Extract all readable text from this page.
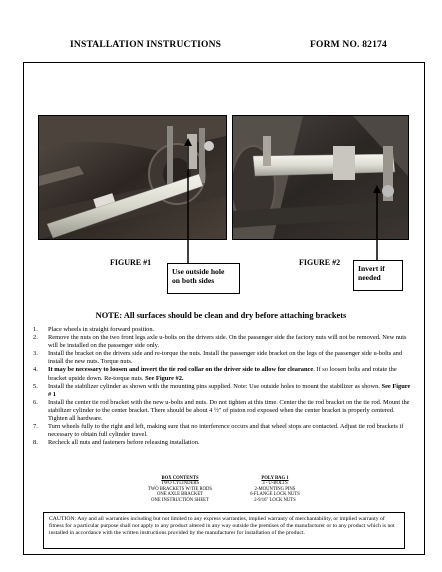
INSTALLATION INSTRUCTIONS	FORM NO. 82174
FIGURE #1
Use outside hole
on both sides
FIGURE #2
Invert if
needed
NOTE: All surfaces should be clean and dry before attaching brackets
1. Place wheels in straight forward position.
2. Remove the nuts on the two front legs axle u-bolts on the drivers side. On the passenger side the factory nuts will not be removed. New nuts will be installed on the passenger side only.
3. Install the bracket on the drivers side and re-torque the nuts. Install the passenger side bracket on the legs of the passenger side u-bolts and install the new nuts. Torque nuts.
4. It may be necessary to loosen and invert the tie rod collar on the driver side to allow for clearance. If so loosen bolts and rotate the bracket upside down. Re-torque nuts. See Figure #2.
5. Install the stabilizer cylinder as shown with the mounting pins supplied. Note: Use outside holes to mount the stabilizer as shown. See Figure # 1
6. Install the center tie rod bracket with the new u-bolts and nuts. Do not tighten at this time. Center the tie rod bracket on the tie rod. Mount the stabilizer cylinder to the center bracket. There should be about 4 ½" of piston rod exposed when the center bracket is properly centered. Tighten all hardware.
7. Turn wheels fully to the right and left, making sure that no interference occurs and that wheel stops are contacted. Adjust tie rod brackets if necessary to obtain full cylinder travel.
8. Recheck all nuts and fasteners before releasing installation.
BOX CONTENTS
TWO CYLINDERS
TWO BRACKETS W/TIE RODS
ONE AXLE BRACKET
ONE INSTRUCTION SHEET
POLY BAG 1
3 - U-BOLTS
2-MOUNTING PINS
6-FLANGE LOCK NUTS
2-9/16" LOCK NUTS
CAUTION: Any and all warranties including but not limited to any express warranties, implied warranty of merchantability, or implied warranty of fitness for a particular purpose shall not apply to any product altered in any way outside the premises of the manufacturer or to any product which is not installed in accordance with the written instructions provided by the manufacturer for installation of the product.
